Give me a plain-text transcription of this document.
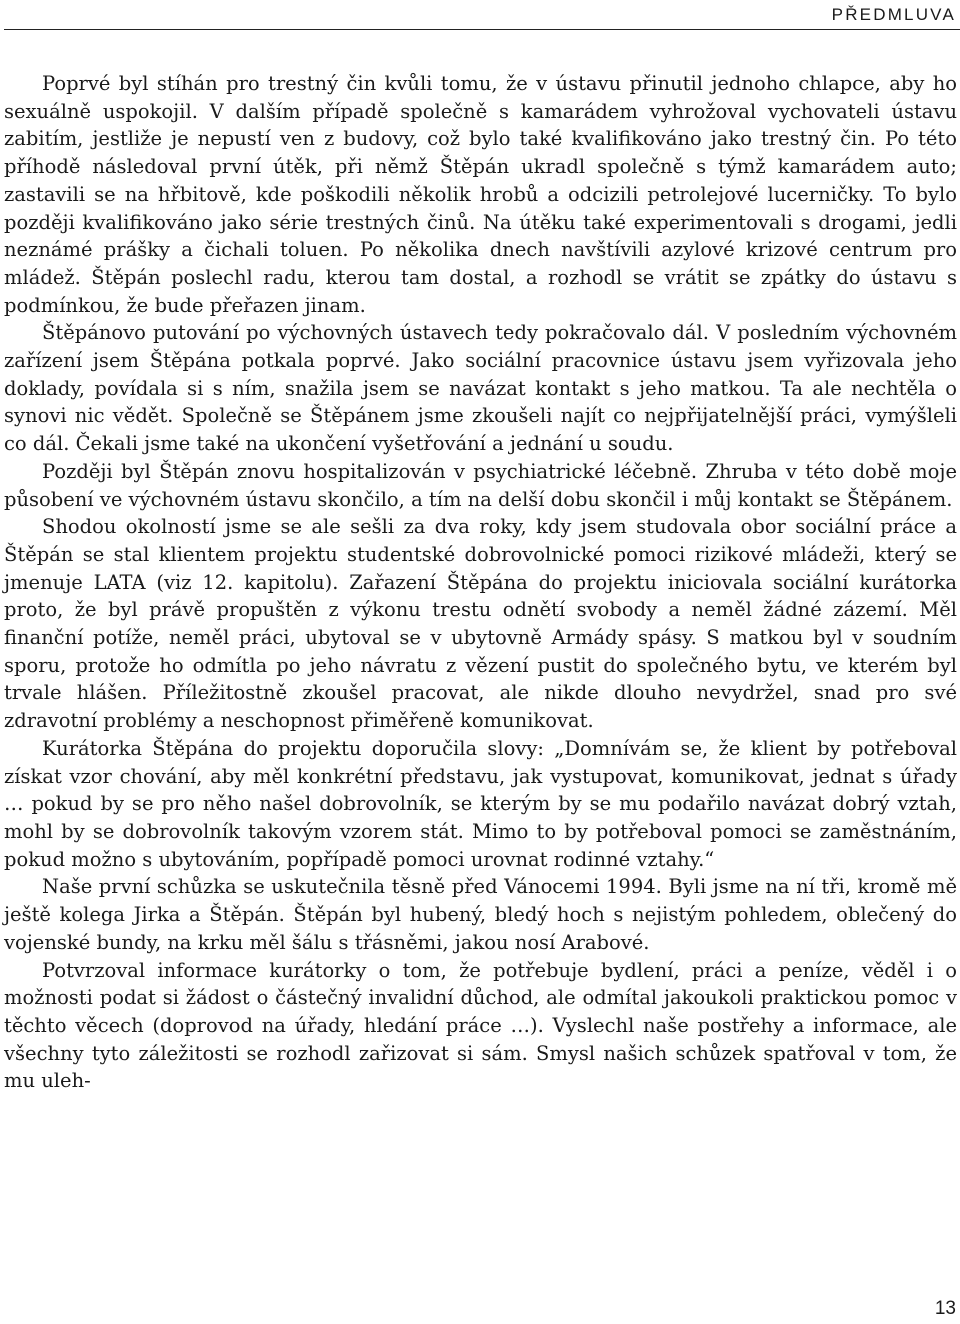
PŘEDMLUVA

Poprvé byl stíhán pro trestný čin kvůli tomu, že v ústavu přinutil jednoho chlapce, aby ho sexuálně uspokojil. V dalším případě společně s kamarádem vyhrožoval vychovateli ústavu zabitím, jestliže je nepustí ven z budovy, což bylo také kvalifikováno jako trestný čin. Po této příhodě následoval první útěk, při němž Štěpán ukradl společně s týmž kamarádem auto; zastavili se na hřbitově, kde poškodili několik hrobů a odcizili petrolejové lucerničky. To bylo později kvalifikováno jako série trestných činů. Na útěku také experimentovali s drogami, jedli neznámé prášky a čichali toluen. Po několika dnech navštívili azylové krizové centrum pro mládež. Štěpán poslechl radu, kterou tam dostal, a rozhodl se vrátit se zpátky do ústavu s podmínkou, že bude přeřazen jinam.

Štěpánovo putování po výchovných ústavech tedy pokračovalo dál. V posledním výchovném zařízení jsem Štěpána potkala poprvé. Jako sociální pracovnice ústavu jsem vyřizovala jeho doklady, povídala si s ním, snažila jsem se navázat kontakt s jeho matkou. Ta ale nechtěla o synovi nic vědět. Společně se Štěpánem jsme zkoušeli najít co nejpřijatelnější práci, vymýšleli co dál. Čekali jsme také na ukončení vyšetřování a jednání u soudu.

Později byl Štěpán znovu hospitalizován v psychiatrické léčebně. Zhruba v této době moje působení ve výchovném ústavu skončilo, a tím na delší dobu skončil i můj kontakt se Štěpánem.

Shodou okolností jsme se ale sešli za dva roky, kdy jsem studovala obor sociální práce a Štěpán se stal klientem projektu studentské dobrovolnické pomoci rizikové mládeži, který se jmenuje LATA (viz 12. kapitolu). Zařazení Štěpána do projektu iniciovala sociální kurátorka proto, že byl právě propuštěn z výkonu trestu odnětí svobody a neměl žádné zázemí. Měl finanční potíže, neměl práci, ubytoval se v ubytovně Armády spásy. S matkou byl v soudním sporu, protože ho odmítla po jeho návratu z vězení pustit do společného bytu, ve kterém byl trvale hlášen. Příležitostně zkoušel pracovat, ale nikde dlouho nevydržel, snad pro své zdravotní problémy a neschopnost přiměřeně komunikovat.

Kurátorka Štěpána do projektu doporučila slovy: „Domnívám se, že klient by potřeboval získat vzor chování, aby měl konkrétní představu, jak vystupovat, komunikovat, jednat s úřady … pokud by se pro něho našel dobrovolník, se kterým by se mu podařilo navázat dobrý vztah, mohl by se dobrovolník takovým vzorem stát. Mimo to by potřeboval pomoci se zaměstnáním, pokud možno s ubytováním, popřípadě pomoci urovnat rodinné vztahy.“

Naše první schůzka se uskutečnila těsně před Vánocemi 1994. Byli jsme na ní tři, kromě mě ještě kolega Jirka a Štěpán. Štěpán byl hubený, bledý hoch s nejistým pohledem, oblečený do vojenské bundy, na krku měl šálu s třásněmi, jakou nosí Arabové.

Potvrzoval informace kurátorky o tom, že potřebuje bydlení, práci a peníze, věděl i o možnosti podat si žádost o částečný invalidní důchod, ale odmítal jakoukoli praktickou pomoc v těchto věcech (doprovod na úřady, hledání práce …). Vyslechl naše postřehy a informace, ale všechny tyto záležitosti se rozhodl zařizovat si sám. Smysl našich schůzek spatřoval v tom, že mu uleh-

13
